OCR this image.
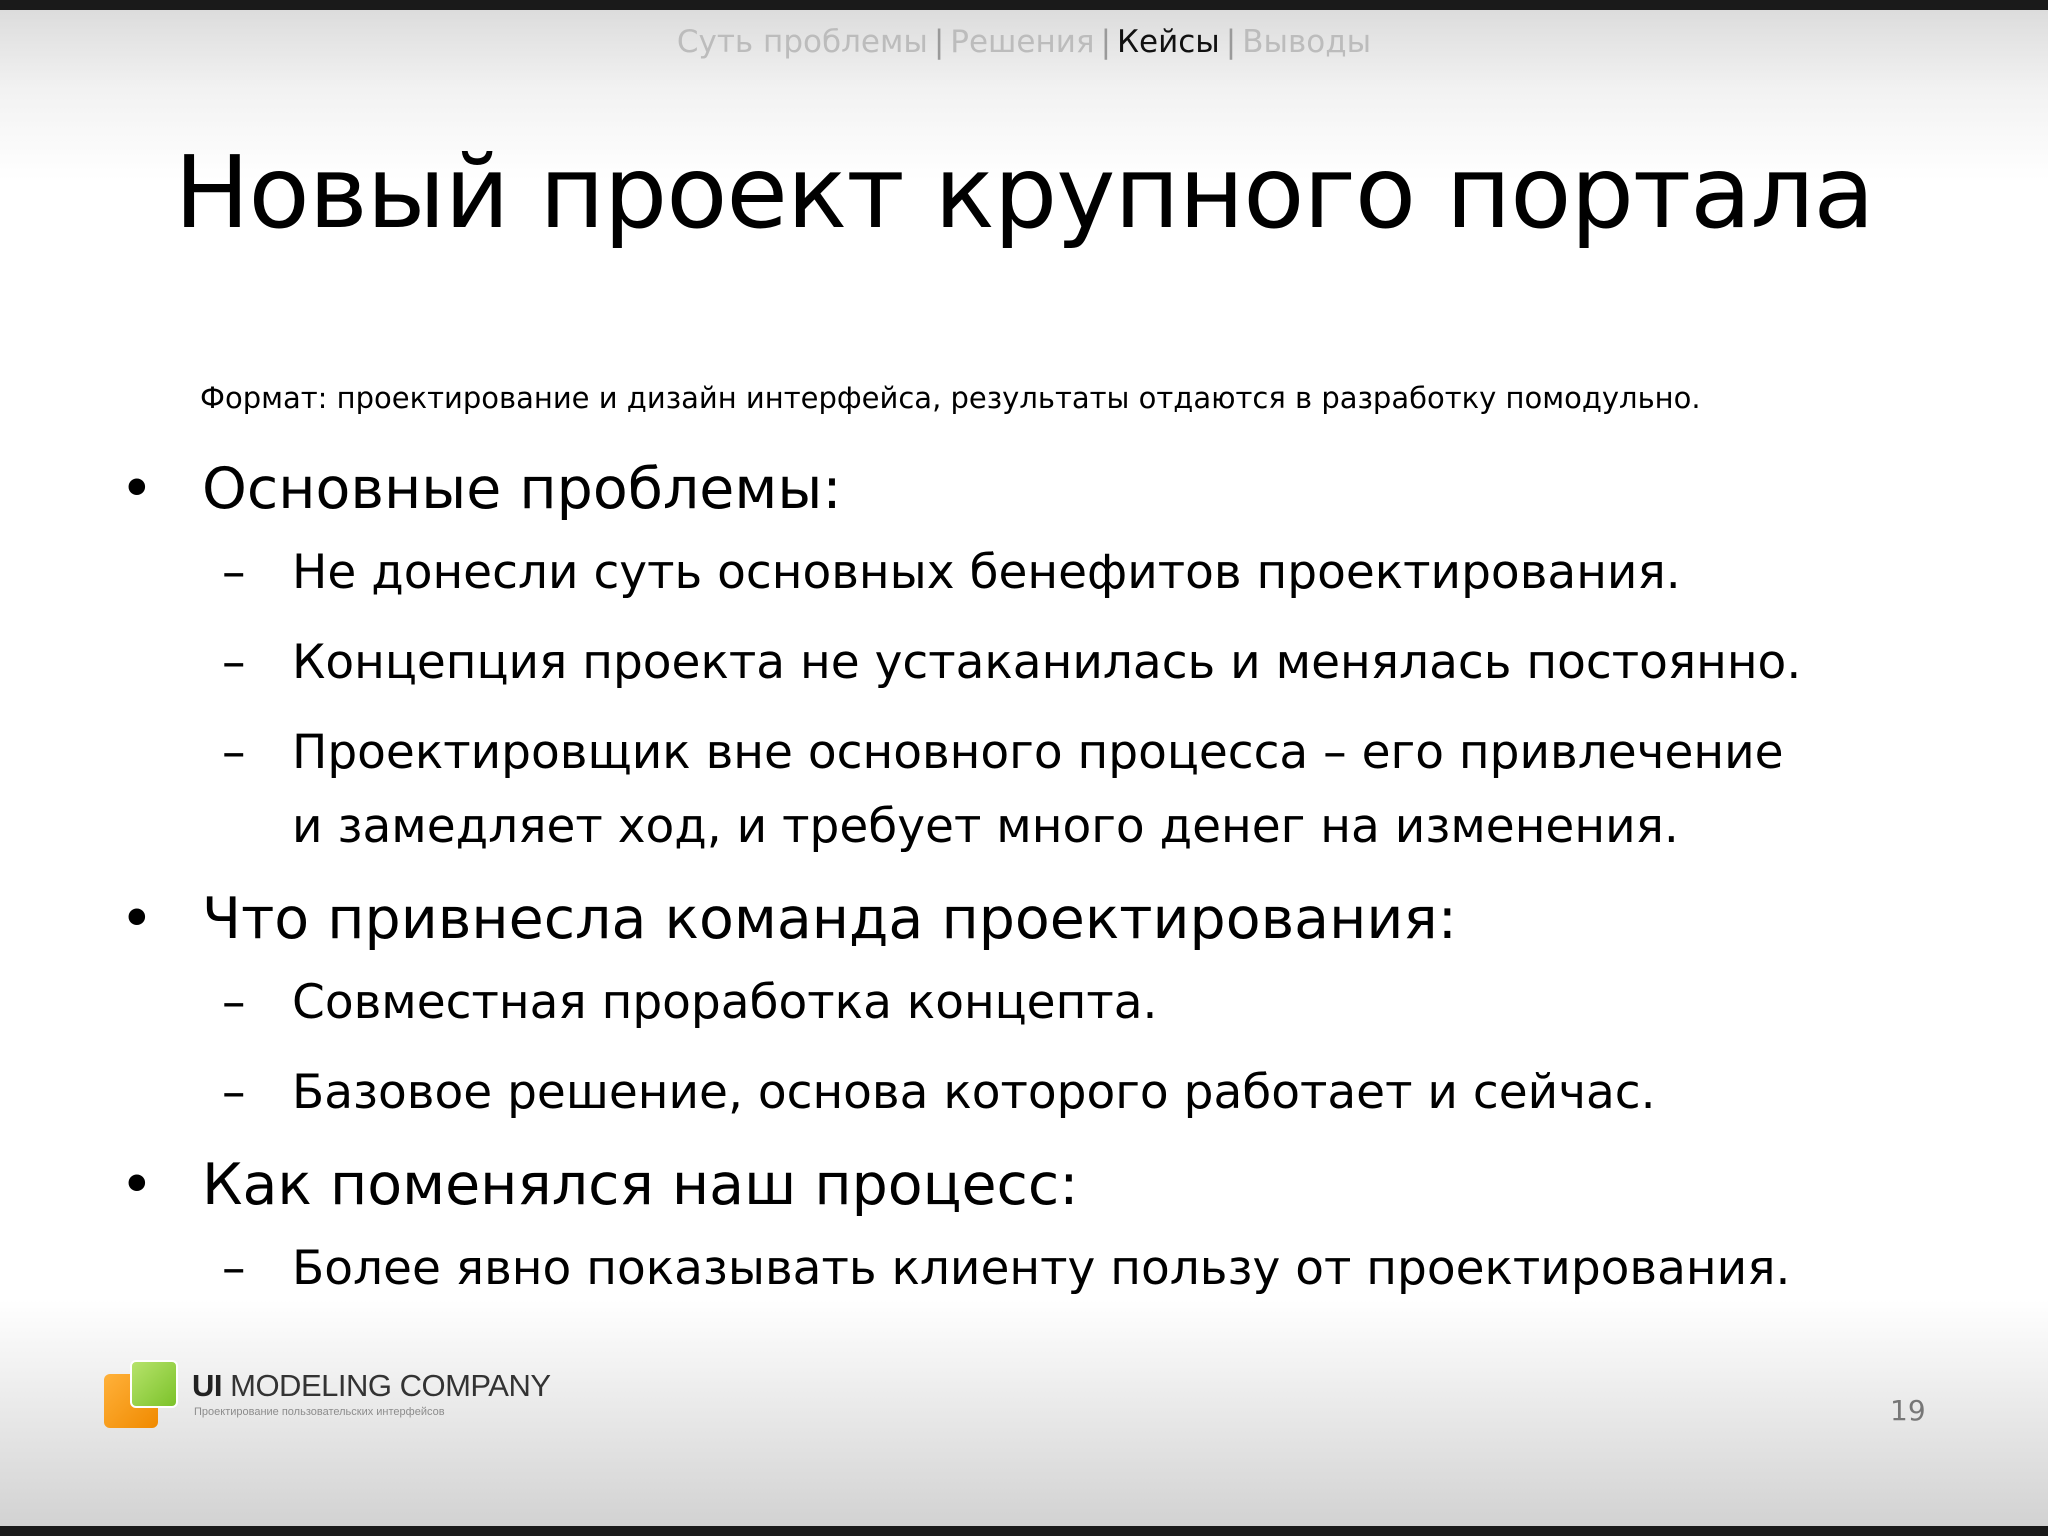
Суть проблемы | Решения | Кейсы | Выводы
Новый проект крупного портала
Формат: проектирование и дизайн интерфейса, результаты отдаются в разработку помодульно.
• Основные проблемы:
– Не донесли суть основных бенефитов проектирования.
– Концепция проекта не устаканилась и менялась постоянно.
– Проектировщик вне основного процесса – его привлечение
и замедляет ход, и требует много денег на изменения.
• Что привнесла команда проектирования:
– Совместная проработка концепта.
– Базовое решение, основа которого работает и сейчас.
• Как поменялся наш процесс:
– Более явно показывать клиенту пользу от проектирования.
UI MODELING COMPANY
Проектирование пользовательских интерфейсов	19
